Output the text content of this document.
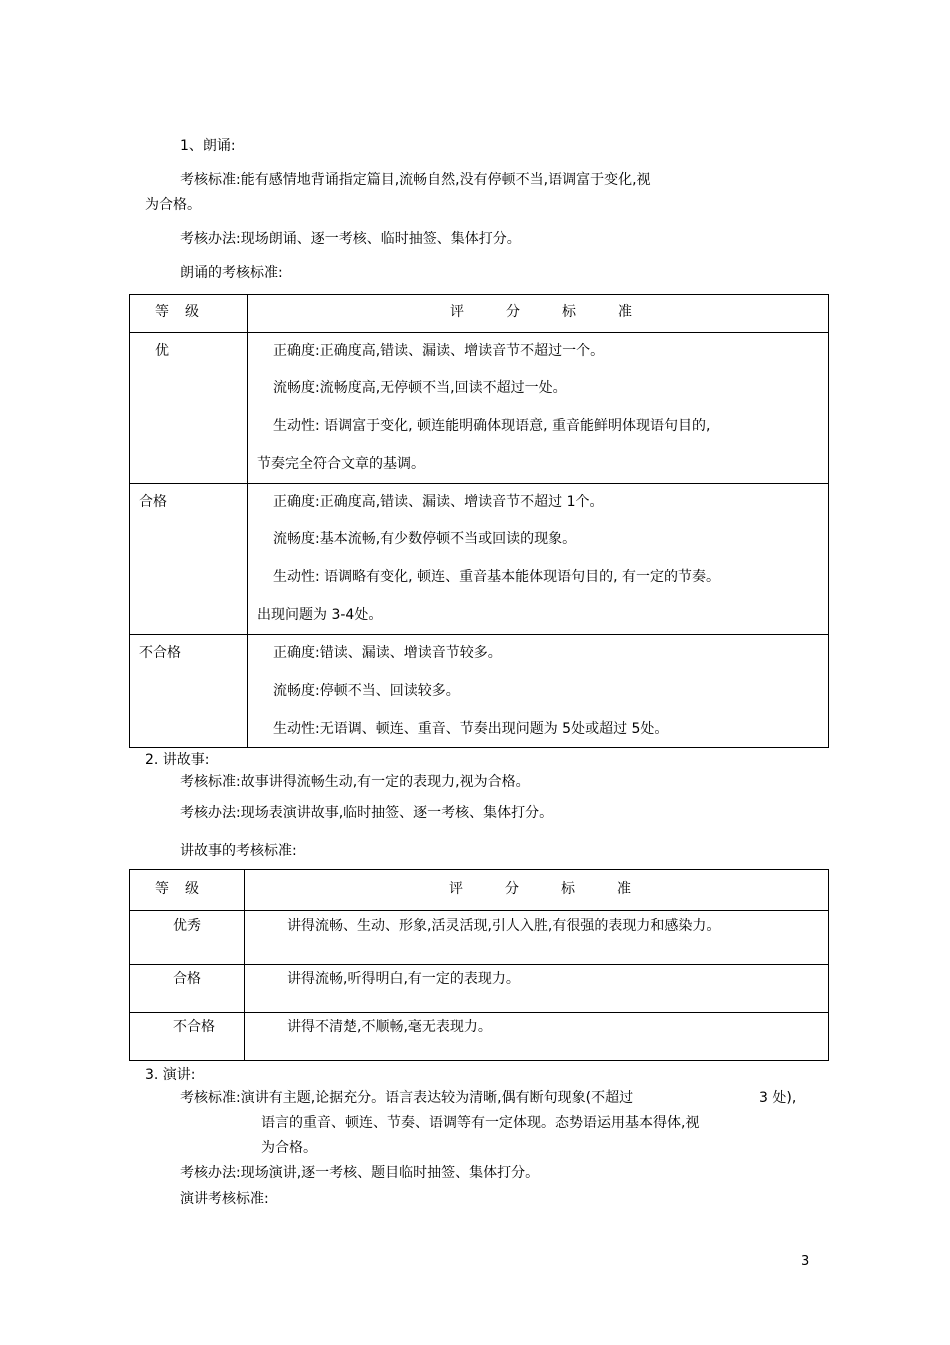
1、朗诵:
考核标准:能有感情地背诵指定篇目,流畅自然,没有停顿不当,语调富于变化,视
为合格。
考核办法:现场朗诵、逐一考核、临时抽签、集体打分。
朗诵的考核标准:
等级	评分标准

优	正确度:正确度高,错读、漏读、增读音节不超过一个。
流畅度:流畅度高,无停顿不当,回读不超过一处。
生动性: 语调富于变化, 顿连能明确体现语意, 重音能鲜明体现语句目的,
节奏完全符合文章的基调。

合格	正确度:正确度高,错读、漏读、增读音节不超过 1个。
流畅度:基本流畅,有少数停顿不当或回读的现象。
生动性: 语调略有变化, 顿连、重音基本能体现语句目的, 有一定的节奏。
出现问题为 3-4处。

不合格	正确度:错读、漏读、增读音节较多。
流畅度:停顿不当、回读较多。
生动性:无语调、顿连、重音、节奏出现问题为 5处或超过 5处。
2. 讲故事:
考核标准:故事讲得流畅生动,有一定的表现力,视为合格。
考核办法:现场表演讲故事,临时抽签、逐一考核、集体打分。
讲故事的考核标准:
等级	评分标准

优秀	讲得流畅、生动、形象,活灵活现,引人入胜,有很强的表现力和感染力。

合格	讲得流畅,听得明白,有一定的表现力。

不合格	讲得不清楚,不顺畅,毫无表现力。
3. 演讲:
考核标准:演讲有主题,论据充分。语言表达较为清晰,偶有断句现象(不超过	3 处),
语言的重音、顿连、节奏、语调等有一定体现。态势语运用基本得体,视
为合格。
考核办法:现场演讲,逐一考核、题目临时抽签、集体打分。
演讲考核标准:
3
